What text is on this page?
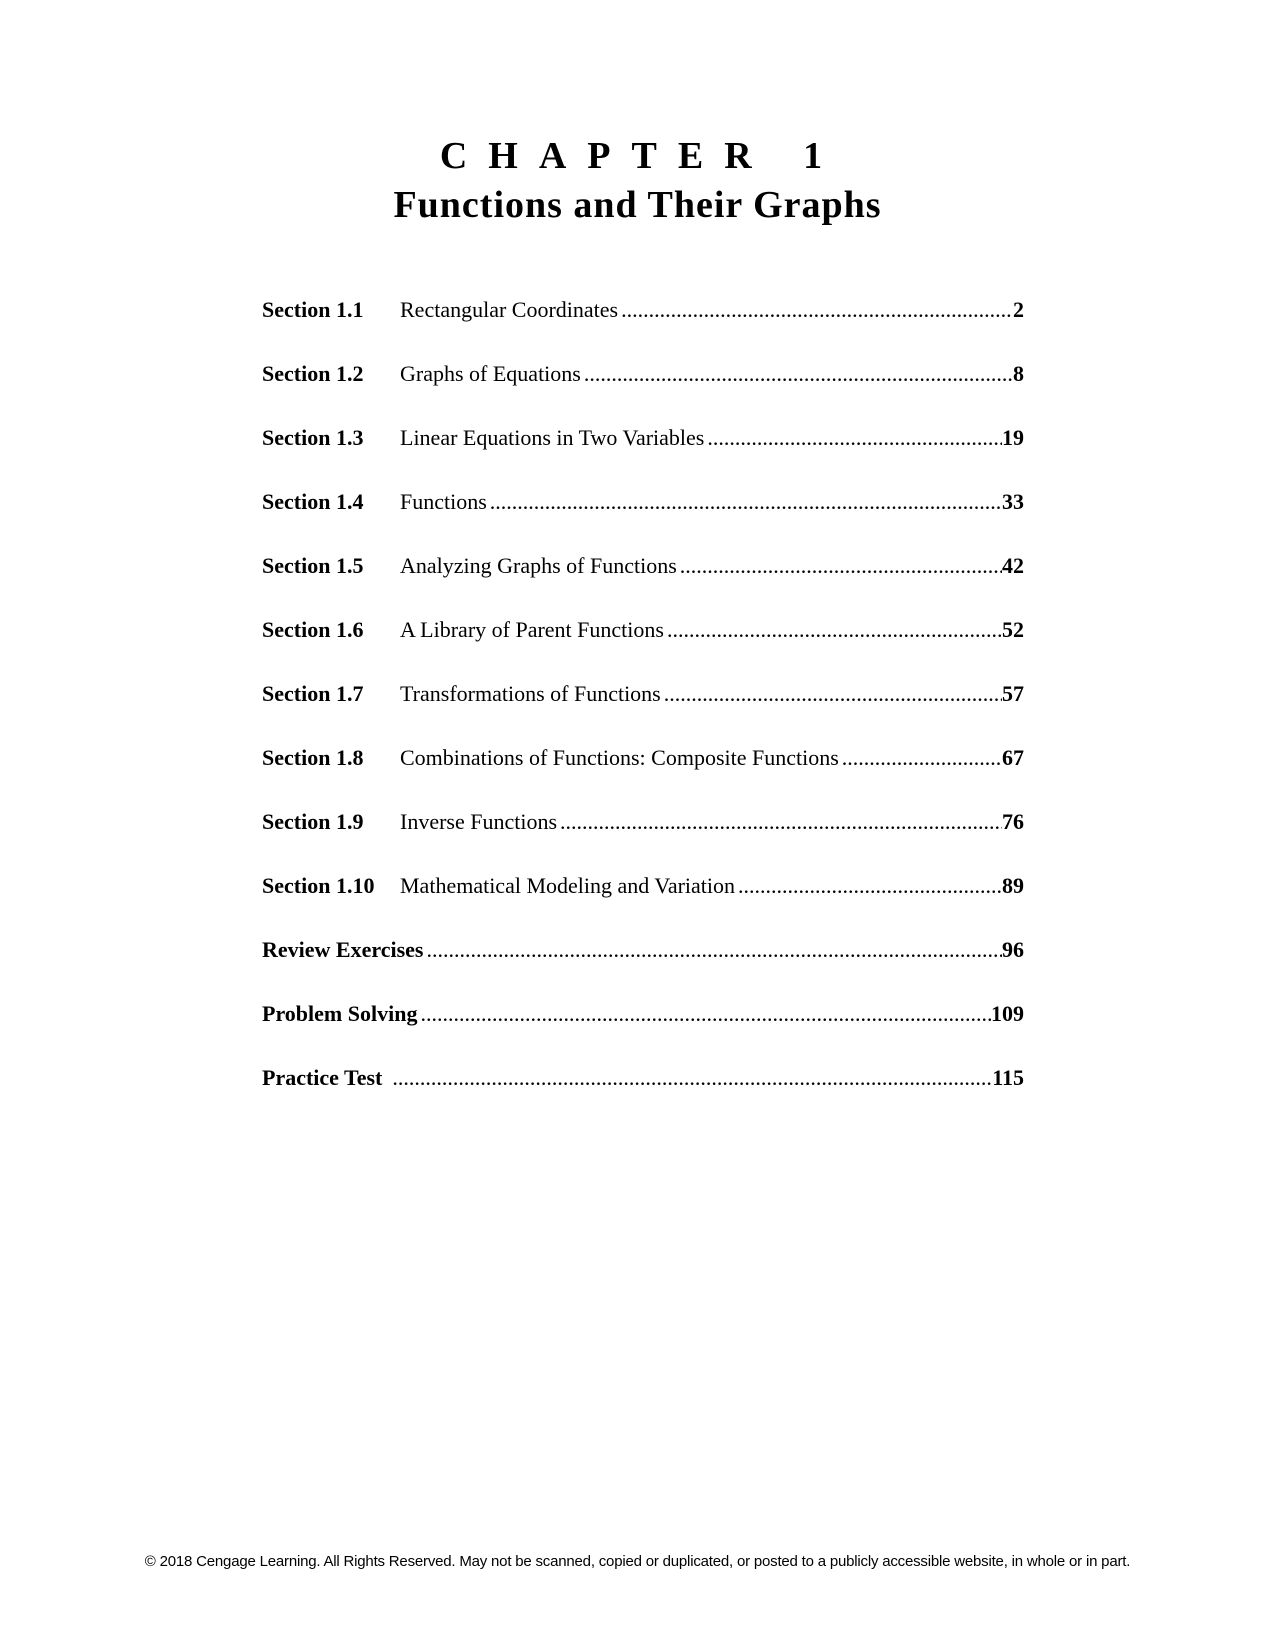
CHAPTER 1
Functions and Their Graphs
Section 1.1	Rectangular Coordinates .....	2
Section 1.2	Graphs of Equations .....	8
Section 1.3	Linear Equations in Two Variables .....	19
Section 1.4	Functions .....	33
Section 1.5	Analyzing Graphs of Functions .....	42
Section 1.6	A Library of Parent Functions .....	52
Section 1.7	Transformations of Functions .....	57
Section 1.8	Combinations of Functions: Composite Functions .....	67
Section 1.9	Inverse Functions .....	76
Section 1.10	Mathematical Modeling and Variation .....	89
Review Exercises .....	96
Problem Solving .....	109
Practice Test .....	115
© 2018 Cengage Learning. All Rights Reserved. May not be scanned, copied or duplicated, or posted to a publicly accessible website, in whole or in part.
